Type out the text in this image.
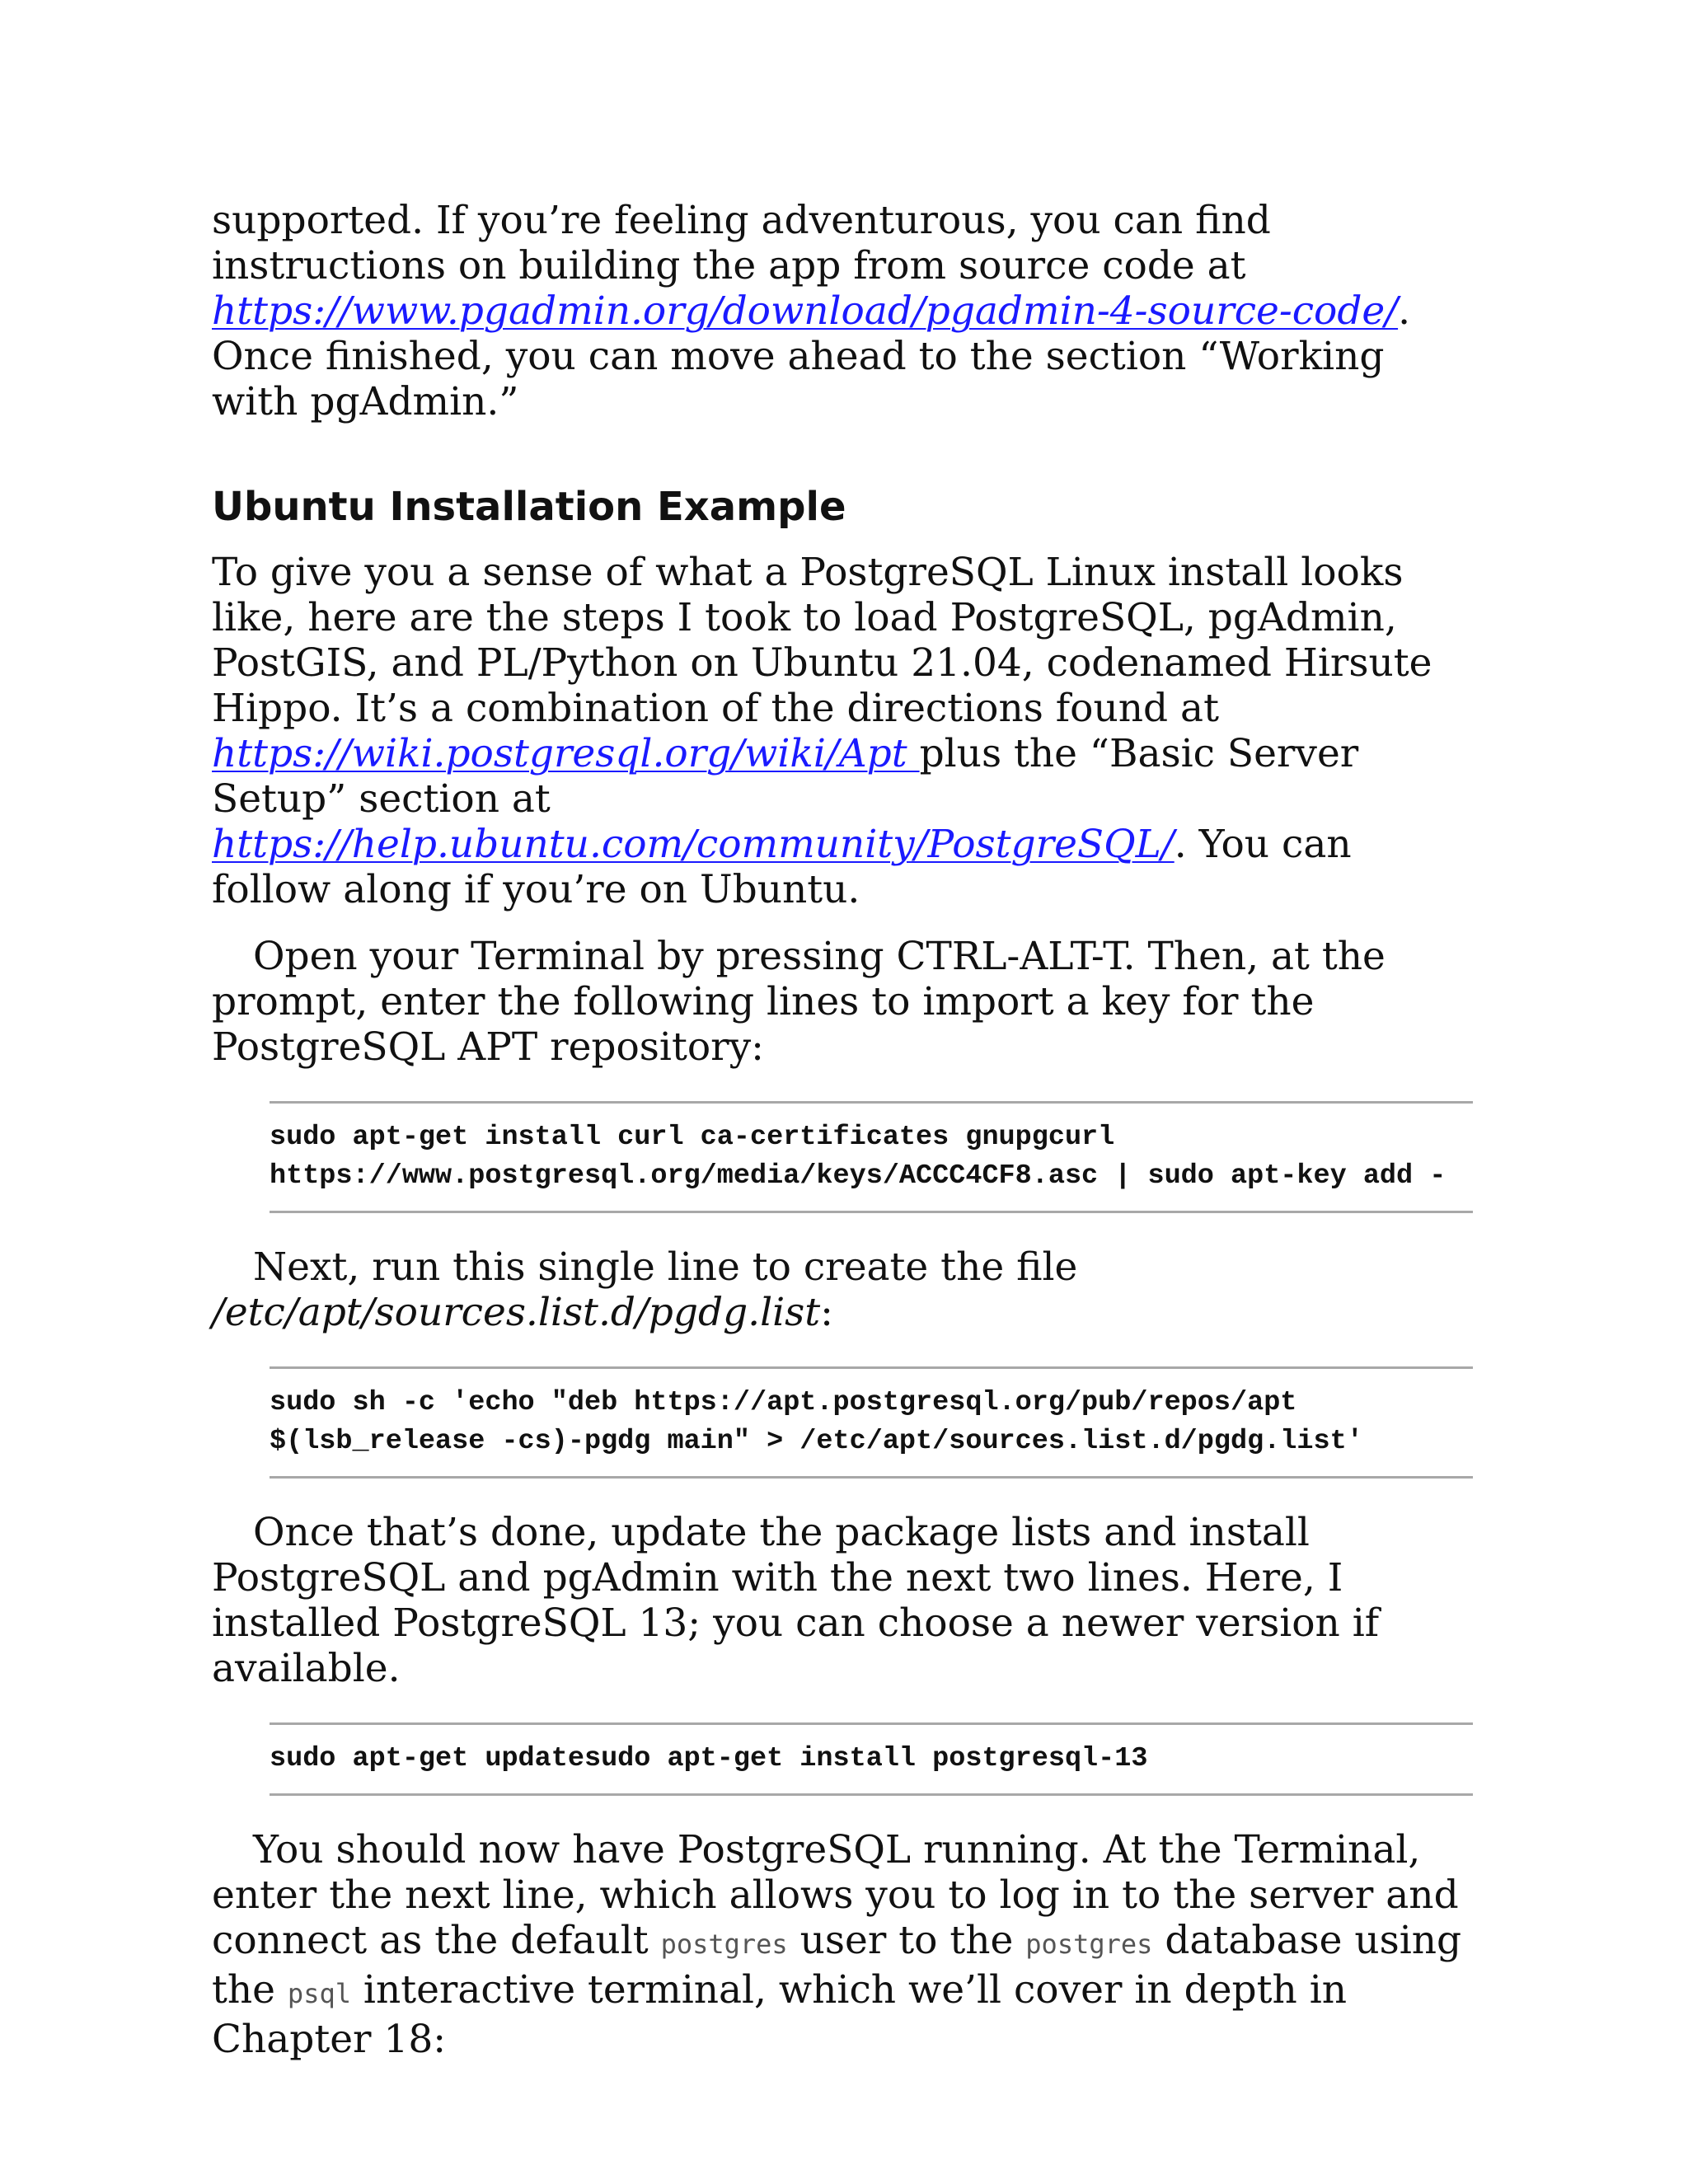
supported. If you’re feeling adventurous, you can find instructions on building the app from source code at https://www.pgadmin.org/download/pgadmin-4-source-code/. Once finished, you can move ahead to the section “Working with pgAdmin.”

Ubuntu Installation Example

To give you a sense of what a PostgreSQL Linux install looks like, here are the steps I took to load PostgreSQL, pgAdmin, PostGIS, and PL/Python on Ubuntu 21.04, codenamed Hirsute Hippo. It’s a combination of the directions found at https://wiki.postgresql.org/wiki/Apt plus the “Basic Server Setup” section at https://help.ubuntu.com/community/PostgreSQL/. You can follow along if you’re on Ubuntu.

Open your Terminal by pressing CTRL-ALT-T. Then, at the prompt, enter the following lines to import a key for the PostgreSQL APT repository:

sudo apt-get install curl ca-certificates gnupgcurl
https://www.postgresql.org/media/keys/ACCC4CF8.asc | sudo apt-key add -

Next, run this single line to create the file /etc/apt/sources.list.d/pgdg.list:

sudo sh -c 'echo "deb https://apt.postgresql.org/pub/repos/apt
$(lsb_release -cs)-pgdg main" > /etc/apt/sources.list.d/pgdg.list'

Once that’s done, update the package lists and install PostgreSQL and pgAdmin with the next two lines. Here, I installed PostgreSQL 13; you can choose a newer version if available.

sudo apt-get updatesudo apt-get install postgresql-13

You should now have PostgreSQL running. At the Terminal, enter the next line, which allows you to log in to the server and connect as the default postgres user to the postgres database using the psql interactive terminal, which we’ll cover in depth in Chapter 18:
